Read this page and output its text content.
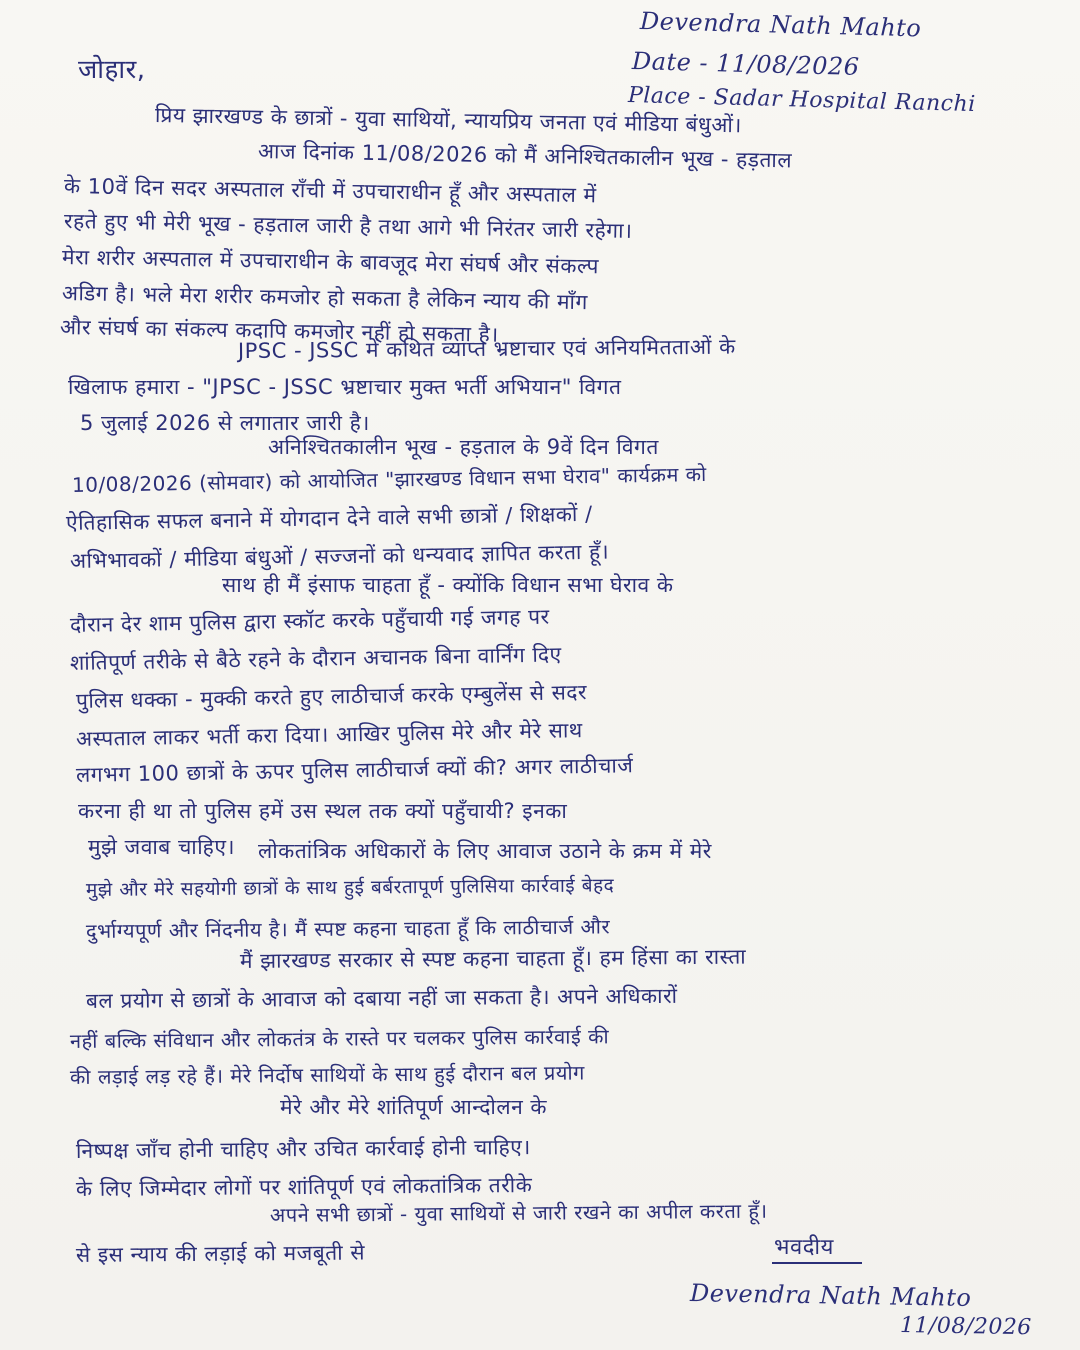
Devendra Nath Mahto
Date - 11/08/2026
Place - Sadar Hospital Ranchi
जोहार,
प्रिय झारखण्ड के छात्रों - युवा साथियों, न्यायप्रिय जनता एवं मीडिया बंधुओं।
आज दिनांक 11/08/2026 को मैं अनिश्चितकालीन भूख - हड़ताल
के 10वें दिन सदर अस्पताल राँची में उपचाराधीन हूँ और अस्पताल में
रहते हुए भी मेरी भूख - हड़ताल जारी है तथा आगे भी निरंतर जारी रहेगा।
मेरा शरीर अस्पताल में उपचाराधीन के बावजूद मेरा संघर्ष और संकल्प
अडिग है। भले मेरा शरीर कमजोर हो सकता है लेकिन न्याय की माँग
और संघर्ष का संकल्प कदापि कमजोर नहीं हो सकता है।
JPSC - JSSC में कथित व्याप्त भ्रष्टाचार एवं अनियमितताओं के
खिलाफ हमारा - "JPSC - JSSC भ्रष्टाचार मुक्त भर्ती अभियान" विगत
5 जुलाई 2026 से लगातार जारी है।
अनिश्चितकालीन भूख - हड़ताल के 9वें दिन विगत
10/08/2026 (सोमवार) को आयोजित "झारखण्ड विधान सभा घेराव" कार्यक्रम को
ऐतिहासिक सफल बनाने में योगदान देने वाले सभी छात्रों / शिक्षकों /
अभिभावकों / मीडिया बंधुओं / सज्जनों को धन्यवाद ज्ञापित करता हूँ।
साथ ही मैं इंसाफ चाहता हूँ - क्योंकि विधान सभा घेराव के
दौरान देर शाम पुलिस द्वारा स्कॉट करके पहुँचायी गई जगह पर
शांतिपूर्ण तरीके से बैठे रहने के दौरान अचानक बिना वार्निंग दिए
पुलिस धक्का - मुक्की करते हुए लाठीचार्ज करके एम्बुलेंस से सदर
अस्पताल लाकर भर्ती करा दिया। आखिर पुलिस मेरे और मेरे साथ
लगभग 100 छात्रों के ऊपर पुलिस लाठीचार्ज क्यों की? अगर लाठीचार्ज
करना ही था तो पुलिस हमें उस स्थल तक क्यों पहुँचायी? इनका
मुझे जवाब चाहिए। लोकतांत्रिक अधिकारों के लिए आवाज उठाने के क्रम में मेरे
मुझे और मेरे सहयोगी छात्रों के साथ हुई बर्बरतापूर्ण पुलिसिया कार्रवाई बेहद
दुर्भाग्यपूर्ण और निंदनीय है। मैं स्पष्ट कहना चाहता हूँ कि लाठीचार्ज और
मैं झारखण्ड सरकार से स्पष्ट कहना चाहता हूँ। हम हिंसा का रास्ता
बल प्रयोग से छात्रों के आवाज को दबाया नहीं जा सकता है। अपने अधिकारों
नहीं बल्कि संविधान और लोकतंत्र के रास्ते पर चलकर पुलिस कार्रवाई की
की लड़ाई लड़ रहे हैं। मेरे निर्दोष साथियों के साथ हुई दौरान बल प्रयोग
मेरे और मेरे शांतिपूर्ण आन्दोलन के
निष्पक्ष जाँच होनी चाहिए और उचित कार्रवाई होनी चाहिए।
के लिए जिम्मेदार लोगों पर शांतिपूर्ण एवं लोकतांत्रिक तरीके
अपने सभी छात्रों - युवा साथियों से जारी रखने का अपील करता हूँ।
से इस न्याय की लड़ाई को मजबूती से	भवदीय
Devendra Nath Mahto
11/08/2026
